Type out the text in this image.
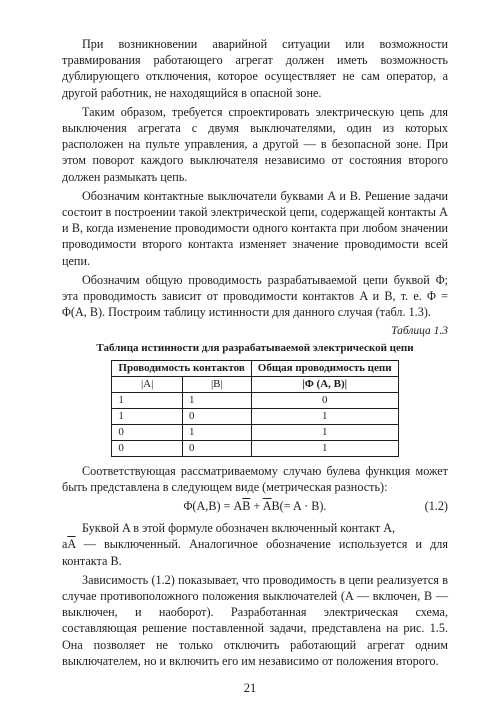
При возникновении аварийной ситуации или возможности травмирования работающего агрегат должен иметь возможность дублирующего отключения, которое осуществляет не сам оператор, а другой работник, не находящийся в опасной зоне.

Таким образом, требуется спроектировать электрическую цепь для выключения агрегата с двумя выключателями, один из которых расположен на пульте управления, а другой — в безопасной зоне. При этом поворот каждого выключателя независимо от состояния второго должен размыкать цепь.

Обозначим контактные выключатели буквами A и B. Решение задачи состоит в построении такой электрической цепи, содержащей контакты A и B, когда изменение проводимости одного контакта при любом значении проводимости второго контакта изменяет значение проводимости всей цепи.

Обозначим общую проводимость разрабатываемой цепи буквой Φ; эта проводимость зависит от проводимости контактов A и B, т. е. Φ = Φ(A, B). Построим таблицу истинности для данного случая (табл. 1.3).

Таблица 1.3
Таблица истинности для разрабатываемой электрической цепи
Проводимость контактов		Общая проводимость цепи
|A|	|B|	|Φ (A, B)|
1	1	0
1	0	1
0	1	1
0	0	1

Соответствующая рассматриваемому случаю булева функция может быть представлена в следующем виде (метрическая разность):

$\Phi(A,B) = A\overline{B} + \overline{A}B(= A \cdot B)$.	(1.2)

Буквой A в этой формуле обозначен включенный контакт A,
$а\overline{A}$ — выключенный. Аналогичное обозначение используется и для контакта B.

Зависимость (1.2) показывает, что проводимость в цепи реализуется в случае противоположного положения выключателей (A — включен, B — выключен, и наоборот). Разработанная электрическая схема, составляющая решение поставленной задачи, представлена на рис. 1.5. Она позволяет не только отключить работающий агрегат одним выключателем, но и включить его им независимо от положения второго.

21
